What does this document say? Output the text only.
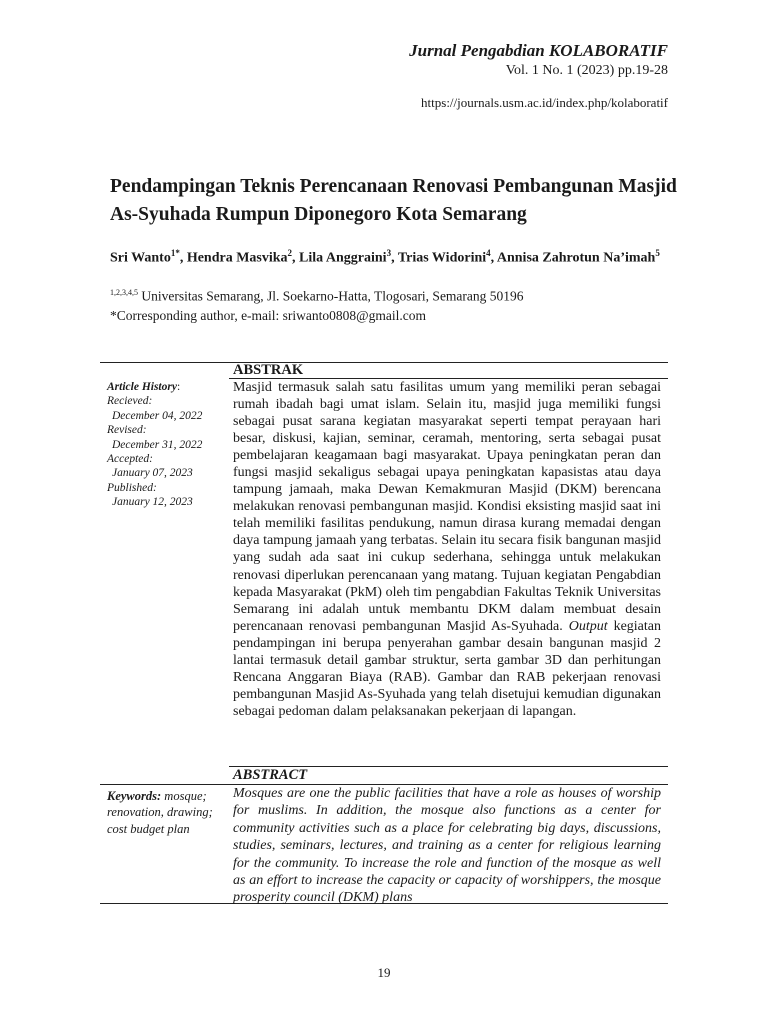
Jurnal Pengabdian KOLABORATIF
Vol. 1 No. 1 (2023) pp.19-28
https://journals.usm.ac.id/index.php/kolaboratif
Pendampingan Teknis Perencanaan Renovasi Pembangunan Masjid As-Syuhada Rumpun Diponegoro Kota Semarang
Sri Wanto$^{1*}$, Hendra Masvika$^2$, Lila Anggraini$^3$, Trias Widorini$^4$, Annisa Zahrotun Na’imah$^5$
$^{1,2,3,4,5}$ Universitas Semarang, Jl. Soekarno-Hatta, Tlogosari, Semarang 50196
*Corresponding author, e-mail: sriwanto0808@gmail.com
ABSTRAK
Article History:
Recieved:
December 04, 2022
Revised:
December 31, 2022
Accepted:
January 07, 2023
Published:
January 12, 2023
Masjid termasuk salah satu fasilitas umum yang memiliki peran sebagai rumah ibadah bagi umat islam. Selain itu, masjid juga memiliki fungsi sebagai pusat sarana kegiatan masyarakat seperti tempat perayaan hari besar, diskusi, kajian, seminar, ceramah, mentoring, serta sebagai pusat pembelajaran keagamaan bagi masyarakat. Upaya peningkatan peran dan fungsi masjid sekaligus sebagai upaya peningkatan kapasistas atau daya tampung jamaah, maka Dewan Kemakmuran Masjid (DKM) berencana melakukan renovasi pembangunan masjid. Kondisi eksisting masjid saat ini telah memiliki fasilitas pendukung, namun dirasa kurang memadai dengan daya tampung jamaah yang terbatas. Selain itu secara fisik bangunan masjid yang sudah ada saat ini cukup sederhana, sehingga untuk melakukan renovasi diperlukan perencanaan yang matang. Tujuan kegiatan Pengabdian kepada Masyarakat (PkM) oleh tim pengabdian Fakultas Teknik Universitas Semarang ini adalah untuk membantu DKM dalam membuat desain perencanaan renovasi pembangunan Masjid As-Syuhada. Output kegiatan pendampingan ini berupa penyerahan gambar desain bangunan masjid 2 lantai termasuk detail gambar struktur, serta gambar 3D dan perhitungan Rencana Anggaran Biaya (RAB). Gambar dan RAB pekerjaan renovasi pembangunan Masjid As-Syuhada yang telah disetujui kemudian digunakan sebagai pedoman dalam pelaksanakan pekerjaan di lapangan.
ABSTRACT
Keywords: mosque; renovation, drawing; cost budget plan
Mosques are one the public facilities that have a role as houses of worship for muslims. In addition, the mosque also functions as a center for community activities such as a place for celebrating big days, discussions, studies, seminars, lectures, and training as a center for religious learning for the community. To increase the role and function of the mosque as well as an effort to increase the capacity or capacity of worshippers, the mosque prosperity council (DKM) plans
19
